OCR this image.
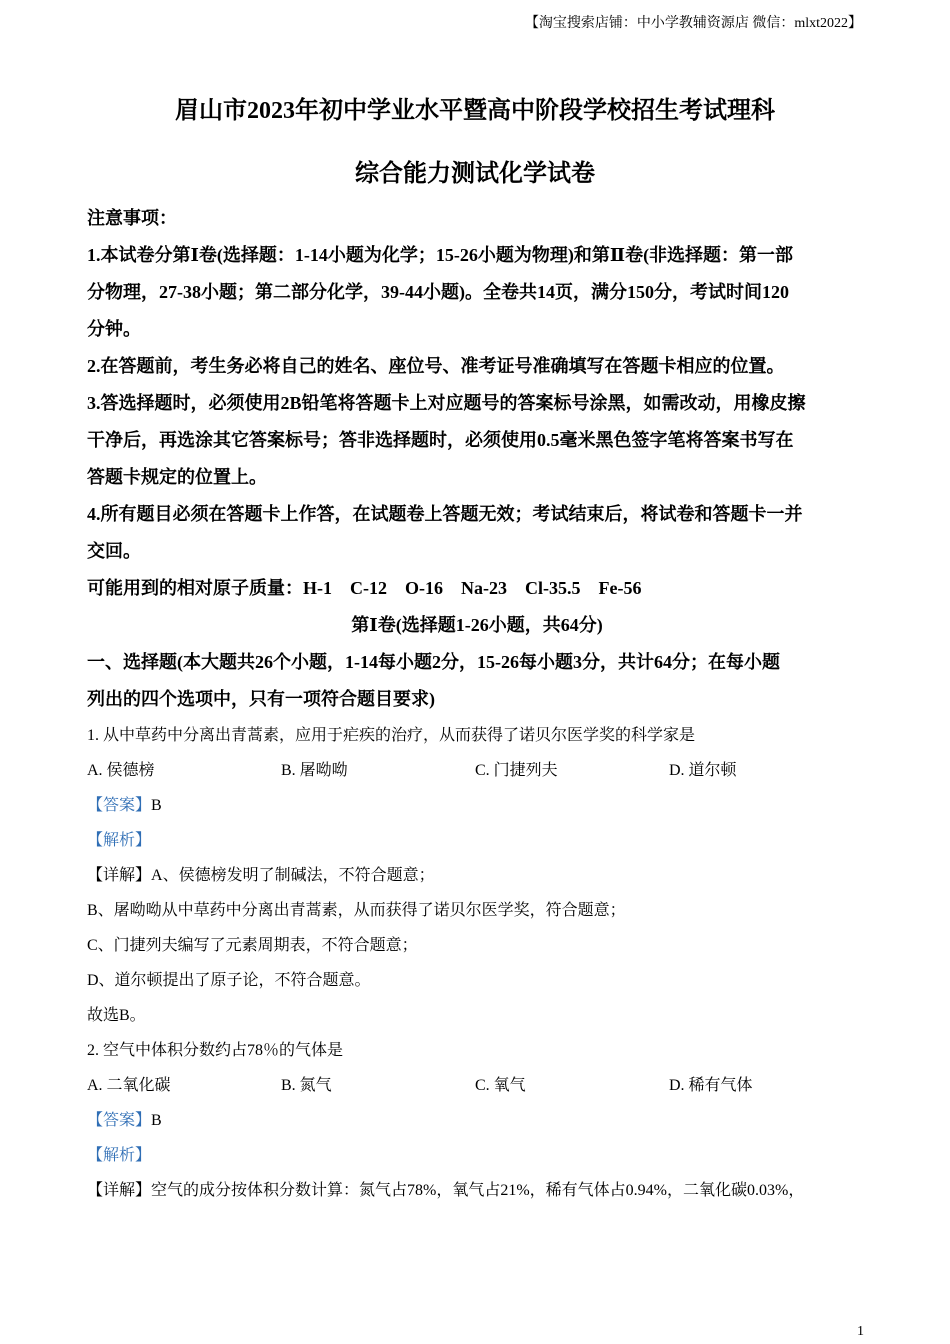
【淘宝搜索店铺：中小学教辅资源店 微信：mlxt2022】
眉山市2023年初中学业水平暨高中阶段学校招生考试理科
综合能力测试化学试卷
注意事项：
1.本试卷分第Ⅰ卷(选择题：1-14小题为化学；15-26小题为物理)和第Ⅱ卷(非选择题：第一部
分物理，27-38小题；第二部分化学，39-44小题)。全卷共14页，满分150分，考试时间120
分钟。
2.在答题前，考生务必将自己的姓名、座位号、准考证号准确填写在答题卡相应的位置。
3.答选择题时，必须使用2B铅笔将答题卡上对应题号的答案标号涂黑，如需改动，用橡皮擦
干净后，再选涂其它答案标号；答非选择题时，必须使用0.5毫米黑色签字笔将答案书写在
答题卡规定的位置上。
4.所有题目必须在答题卡上作答，在试题卷上答题无效；考试结束后，将试卷和答题卡一并
交回。
可能用到的相对原子质量：H-1    C-12    O-16    Na-23    Cl-35.5    Fe-56
第Ⅰ卷(选择题1-26小题，共64分)
一、选择题(本大题共26个小题，1-14每小题2分，15-26每小题3分，共计64分；在每小题
列出的四个选项中，只有一项符合题目要求)
1. 从中草药中分离出青蒿素，应用于疟疾的治疗，从而获得了诺贝尔医学奖的科学家是
A. 侯德榜	B. 屠呦呦	C. 门捷列夫	D. 道尔顿
【答案】B
【解析】
【详解】A、侯德榜发明了制碱法，不符合题意；
B、屠呦呦从中草药中分离出青蒿素，从而获得了诺贝尔医学奖，符合题意；
C、门捷列夫编写了元素周期表，不符合题意；
D、道尔顿提出了原子论，不符合题意。
故选B。
2. 空气中体积分数约占78％的气体是
A. 二氧化碳	B. 氮气	C. 氧气	D. 稀有气体
【答案】B
【解析】
【详解】空气的成分按体积分数计算：氮气占78%，氧气占21%，稀有气体占0.94%，二氧化碳0.03%，
1
